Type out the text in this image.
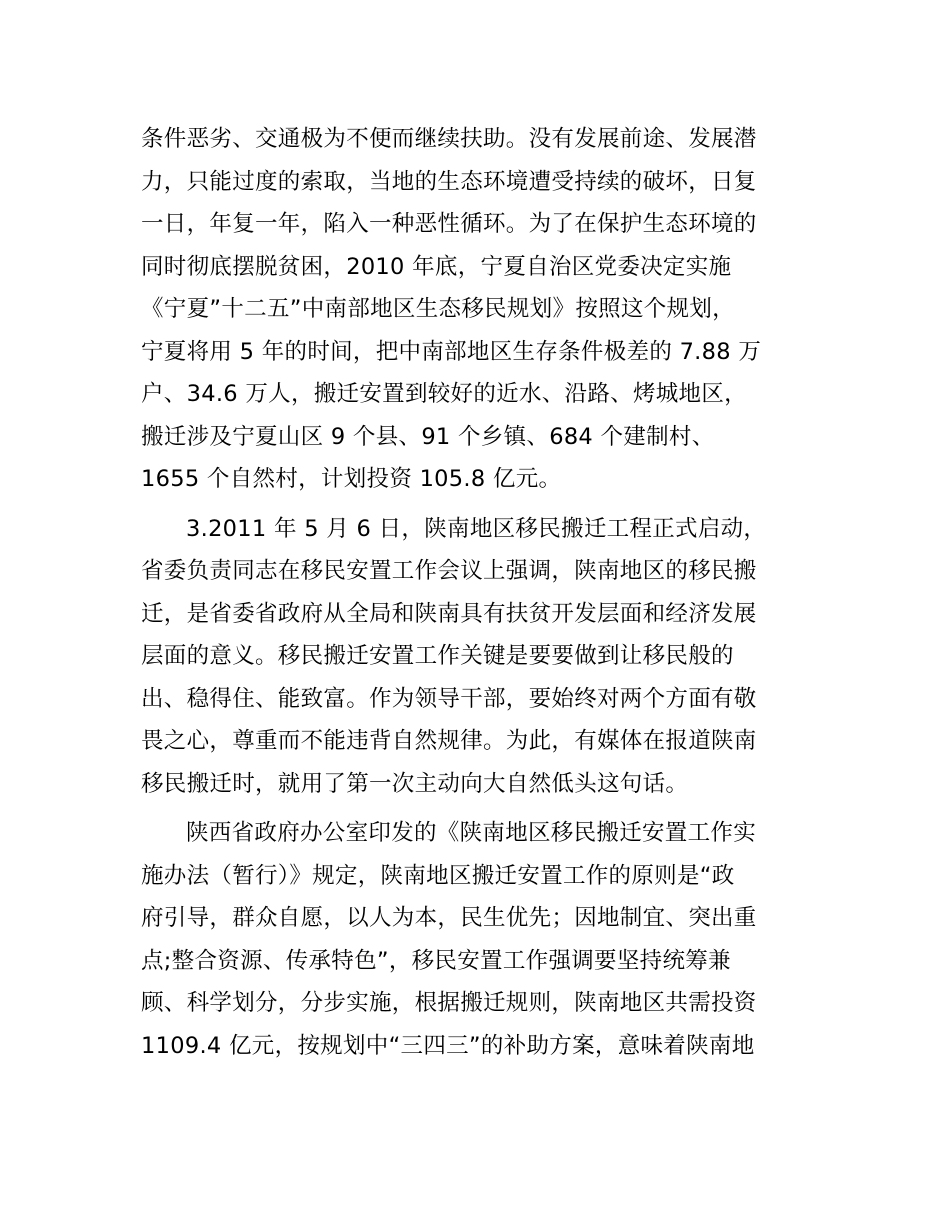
条件恶劣、交通极为不便而继续扶助。没有发展前途、发展潜
力，只能过度的索取，当地的生态环境遭受持续的破坏，日复
一日，年复一年，陷入一种恶性循环。为了在保护生态环境的
同时彻底摆脱贫困，2010 年底，宁夏自治区党委决定实施
《宁夏”十二五”中南部地区生态移民规划》按照这个规划，
宁夏将用 5 年的时间，把中南部地区生存条件极差的 7.88 万
户、34.6 万人，搬迁安置到较好的近水、沿路、烤城地区，
搬迁涉及宁夏山区 9 个县、91 个乡镇、684 个建制村、
1655 个自然村，计划投资 105.8 亿元。

3.2011 年 5 月 6 日，陕南地区移民搬迁工程正式启动，
省委负责同志在移民安置工作会议上强调，陕南地区的移民搬
迁，是省委省政府从全局和陕南具有扶贫开发层面和经济发展
层面的意义。移民搬迁安置工作关键是要要做到让移民般的
出、稳得住、能致富。作为领导干部，要始终对两个方面有敬
畏之心，尊重而不能违背自然规律。为此，有媒体在报道陕南
移民搬迁时，就用了第一次主动向大自然低头这句话。

陕西省政府办公室印发的《陕南地区移民搬迁安置工作实
施办法（暂行）》规定，陕南地区搬迁安置工作的原则是“政
府引导，群众自愿，以人为本，民生优先；因地制宜、突出重
点;整合资源、传承特色”，移民安置工作强调要坚持统筹兼
顾、科学划分，分步实施，根据搬迁规则，陕南地区共需投资
1109.4 亿元，按规划中“三四三”的补助方案，意味着陕南地
